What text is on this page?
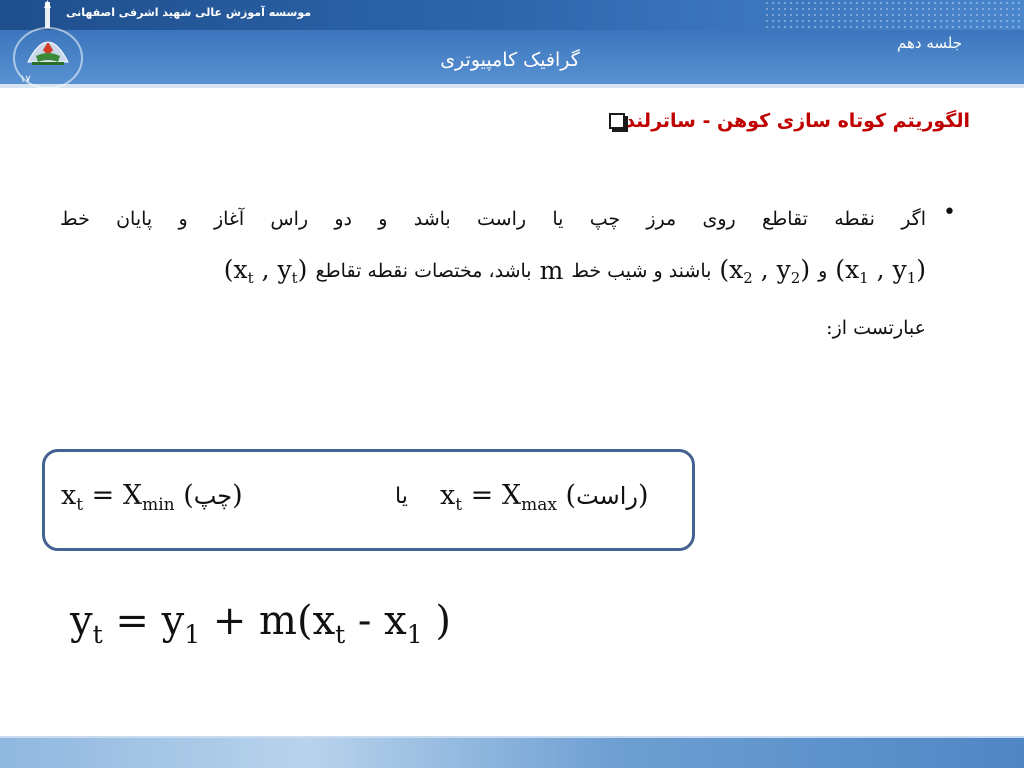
۱۷
موسسه آموزش عالی شهید اشرفی اصفهانی
گرافیک کامپیوتری
جلسه دهم
الگوریتم کوتاه سازی کوهن - ساترلند
•
اگر
نقطه
تقاطع
روی
مرز
چپ
یا
راست
باشد
و
دو
راس
آغاز
و
پایان
خط
($x_1$ , $y_1$)
و
($x_2$ , $y_2$)
باشند و شیب خط
m
باشد، مختصات نقطه تقاطع
($x_t$ , $y_t$)
عبارتست از:
$x_t = X_{min}$ (چپ)	یا $x_t = X_{max}$ (راست)
$y_t = y_1 + m(x_t - x_1$ )
